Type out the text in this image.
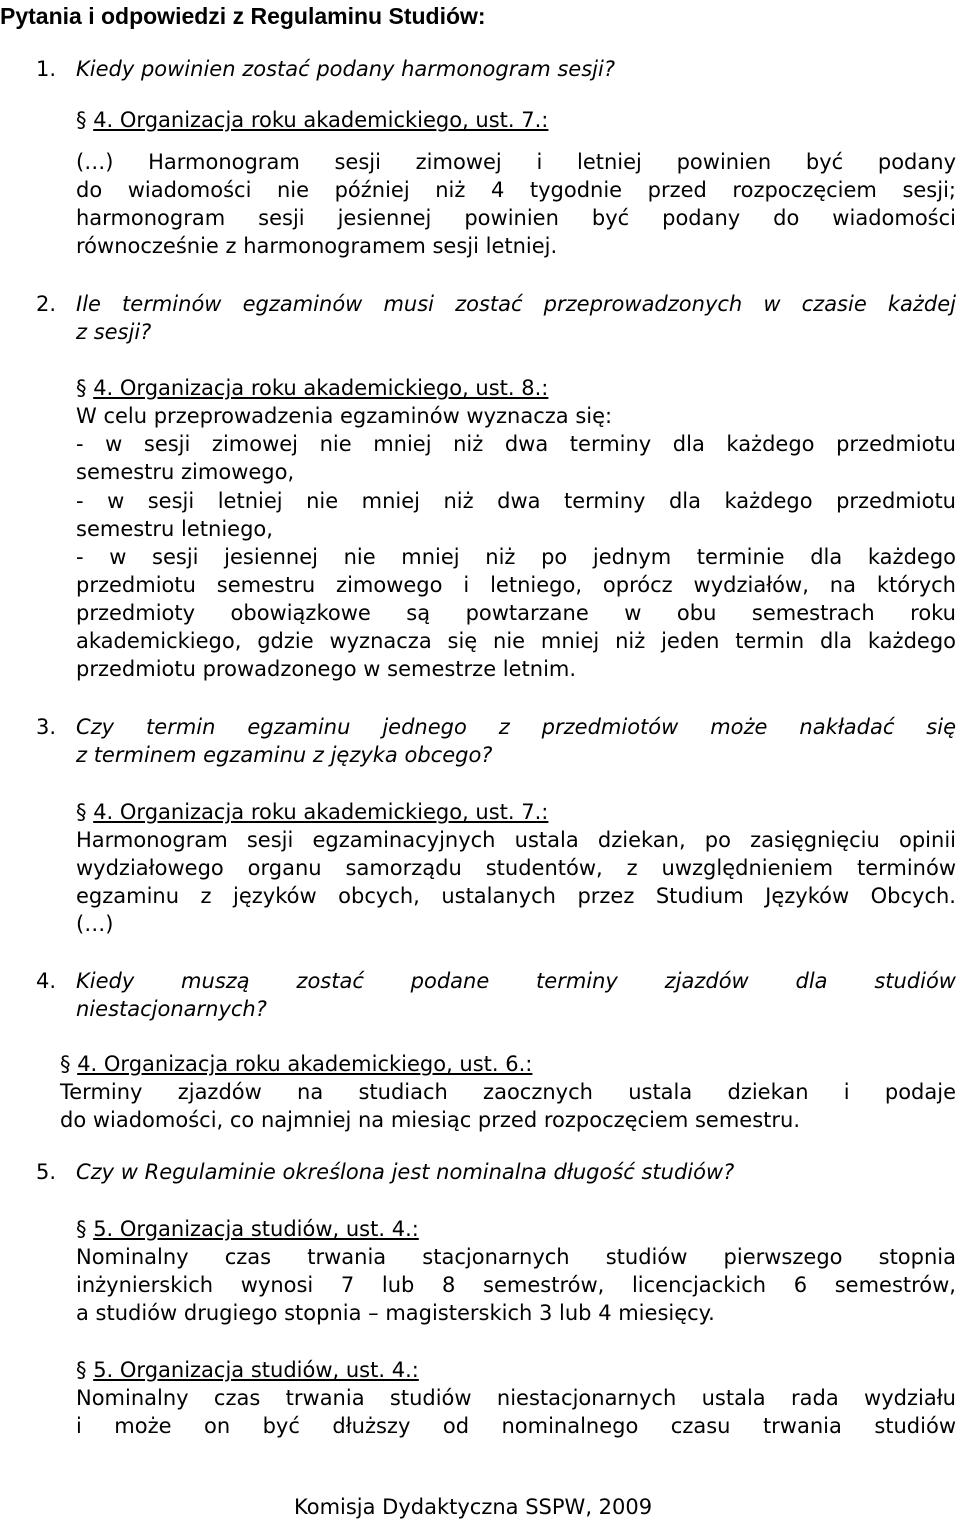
Pytania i odpowiedzi z Regulaminu Studiów:
1. Kiedy powinien zostać podany harmonogram sesji?
§ 4. Organizacja roku akademickiego, ust. 7.:
(…) Harmonogram sesji zimowej i letniej powinien być podany
do wiadomości nie później niż 4 tygodnie przed rozpoczęciem sesji;
harmonogram sesji jesiennej powinien być podany do wiadomości
równocześnie z harmonogramem sesji letniej.
2. Ile terminów egzaminów musi zostać przeprowadzonych w czasie każdej
z sesji?
§ 4. Organizacja roku akademickiego, ust. 8.:
W celu przeprowadzenia egzaminów wyznacza się:
- w sesji zimowej nie mniej niż dwa terminy dla każdego przedmiotu
semestru zimowego,
- w sesji letniej nie mniej niż dwa terminy dla każdego przedmiotu
semestru letniego,
- w sesji jesiennej nie mniej niż po jednym terminie dla każdego
przedmiotu semestru zimowego i letniego, oprócz wydziałów, na których
przedmioty obowiązkowe są powtarzane w obu semestrach roku
akademickiego, gdzie wyznacza się nie mniej niż jeden termin dla każdego
przedmiotu prowadzonego w semestrze letnim.
3. Czy termin egzaminu jednego z przedmiotów może nakładać się
z terminem egzaminu z języka obcego?
§ 4. Organizacja roku akademickiego, ust. 7.:
Harmonogram sesji egzaminacyjnych ustala dziekan, po zasięgnięciu opinii
wydziałowego organu samorządu studentów, z uwzględnieniem terminów
egzaminu z języków obcych, ustalanych przez Studium Języków Obcych.
(…)
4. Kiedy muszą zostać podane terminy zjazdów dla studiów
niestacjonarnych?
§ 4. Organizacja roku akademickiego, ust. 6.:
Terminy zjazdów na studiach zaocznych ustala dziekan i podaje
do wiadomości, co najmniej na miesiąc przed rozpoczęciem semestru.
5. Czy w Regulaminie określona jest nominalna długość studiów?
§ 5. Organizacja studiów, ust. 4.:
Nominalny czas trwania stacjonarnych studiów pierwszego stopnia
inżynierskich wynosi 7 lub 8 semestrów, licencjackich 6 semestrów,
a studiów drugiego stopnia – magisterskich 3 lub 4 miesięcy.
§ 5. Organizacja studiów, ust. 4.:
Nominalny czas trwania studiów niestacjonarnych ustala rada wydziału
i może on być dłuższy od nominalnego czasu trwania studiów
Komisja Dydaktyczna SSPW, 2009
